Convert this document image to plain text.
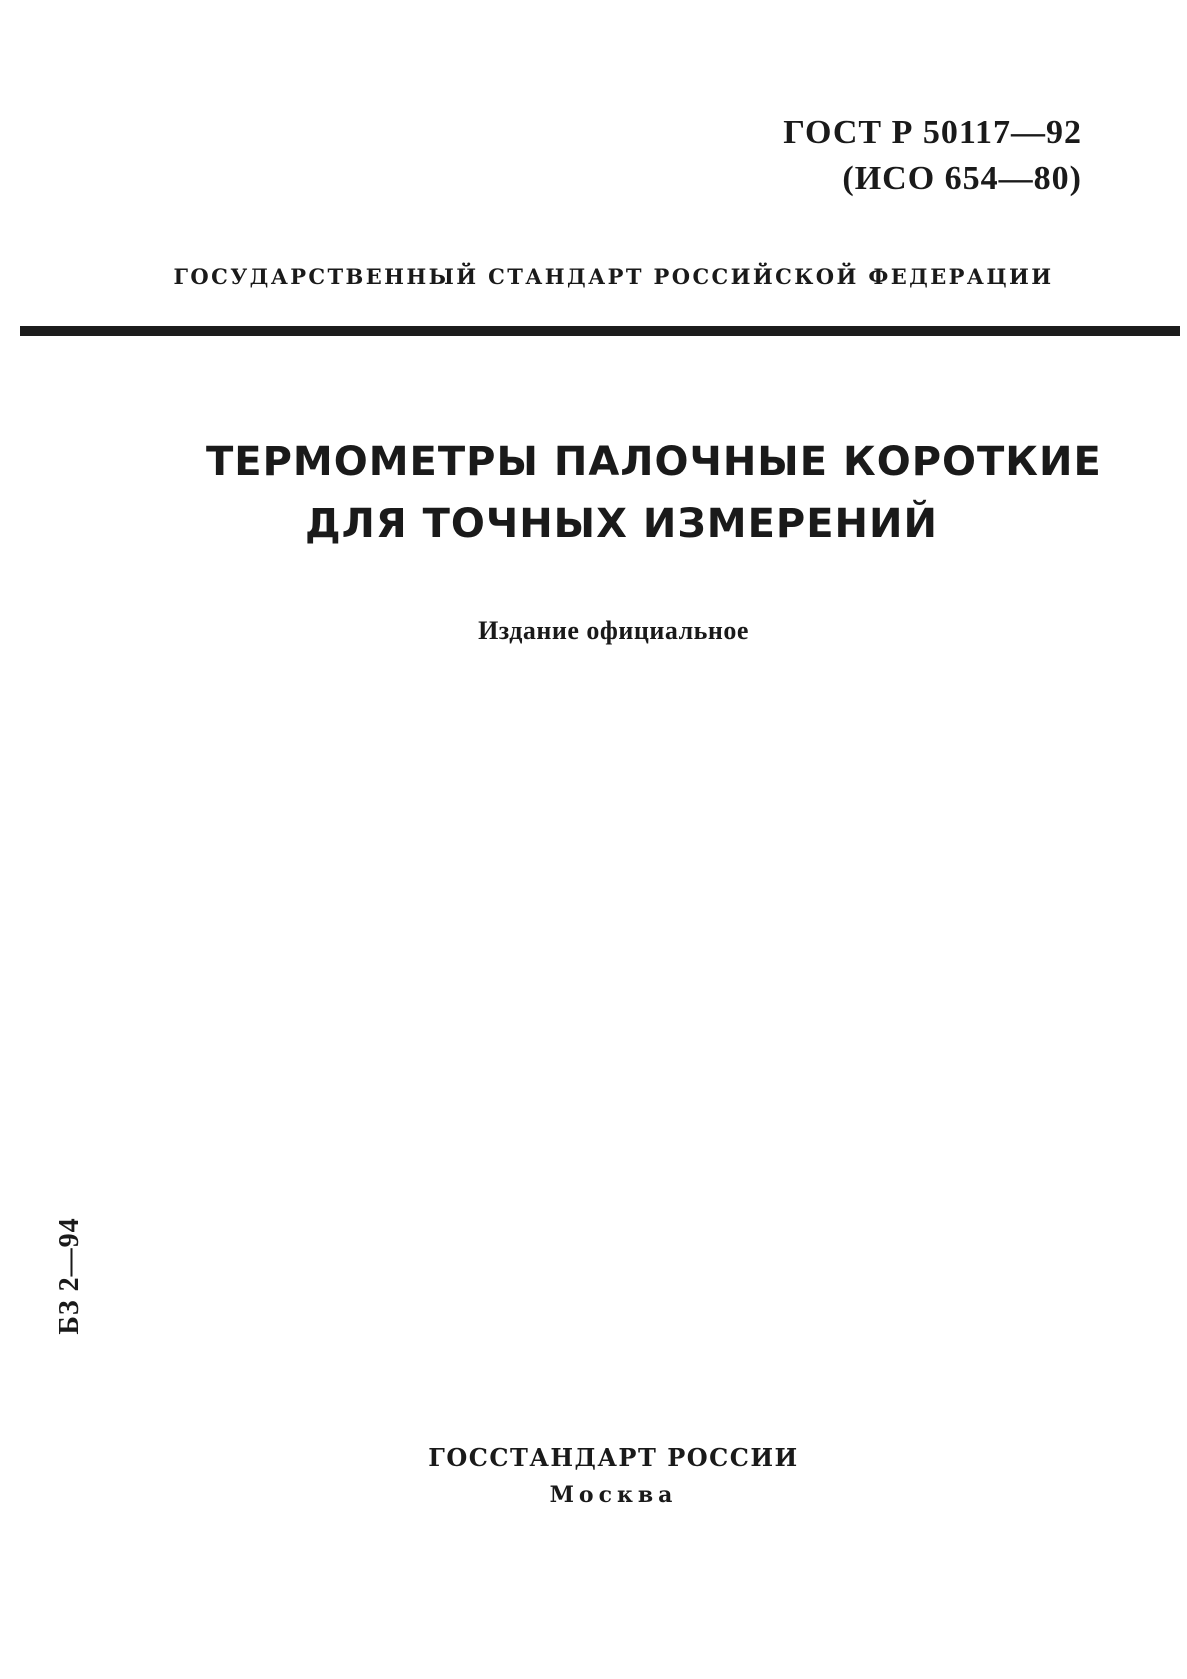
ГОСТ Р 50117—92
(ИСО 654—80)
ГОСУДАРСТВЕННЫЙ СТАНДАРТ РОССИЙСКОЙ ФЕДЕРАЦИИ
ТЕРМОМЕТРЫ ПАЛОЧНЫЕ КОРОТКИЕ
ДЛЯ ТОЧНЫХ ИЗМЕРЕНИЙ
Издание официальное
БЗ 2—94
ГОССТАНДАРТ РОССИИ
Москва
